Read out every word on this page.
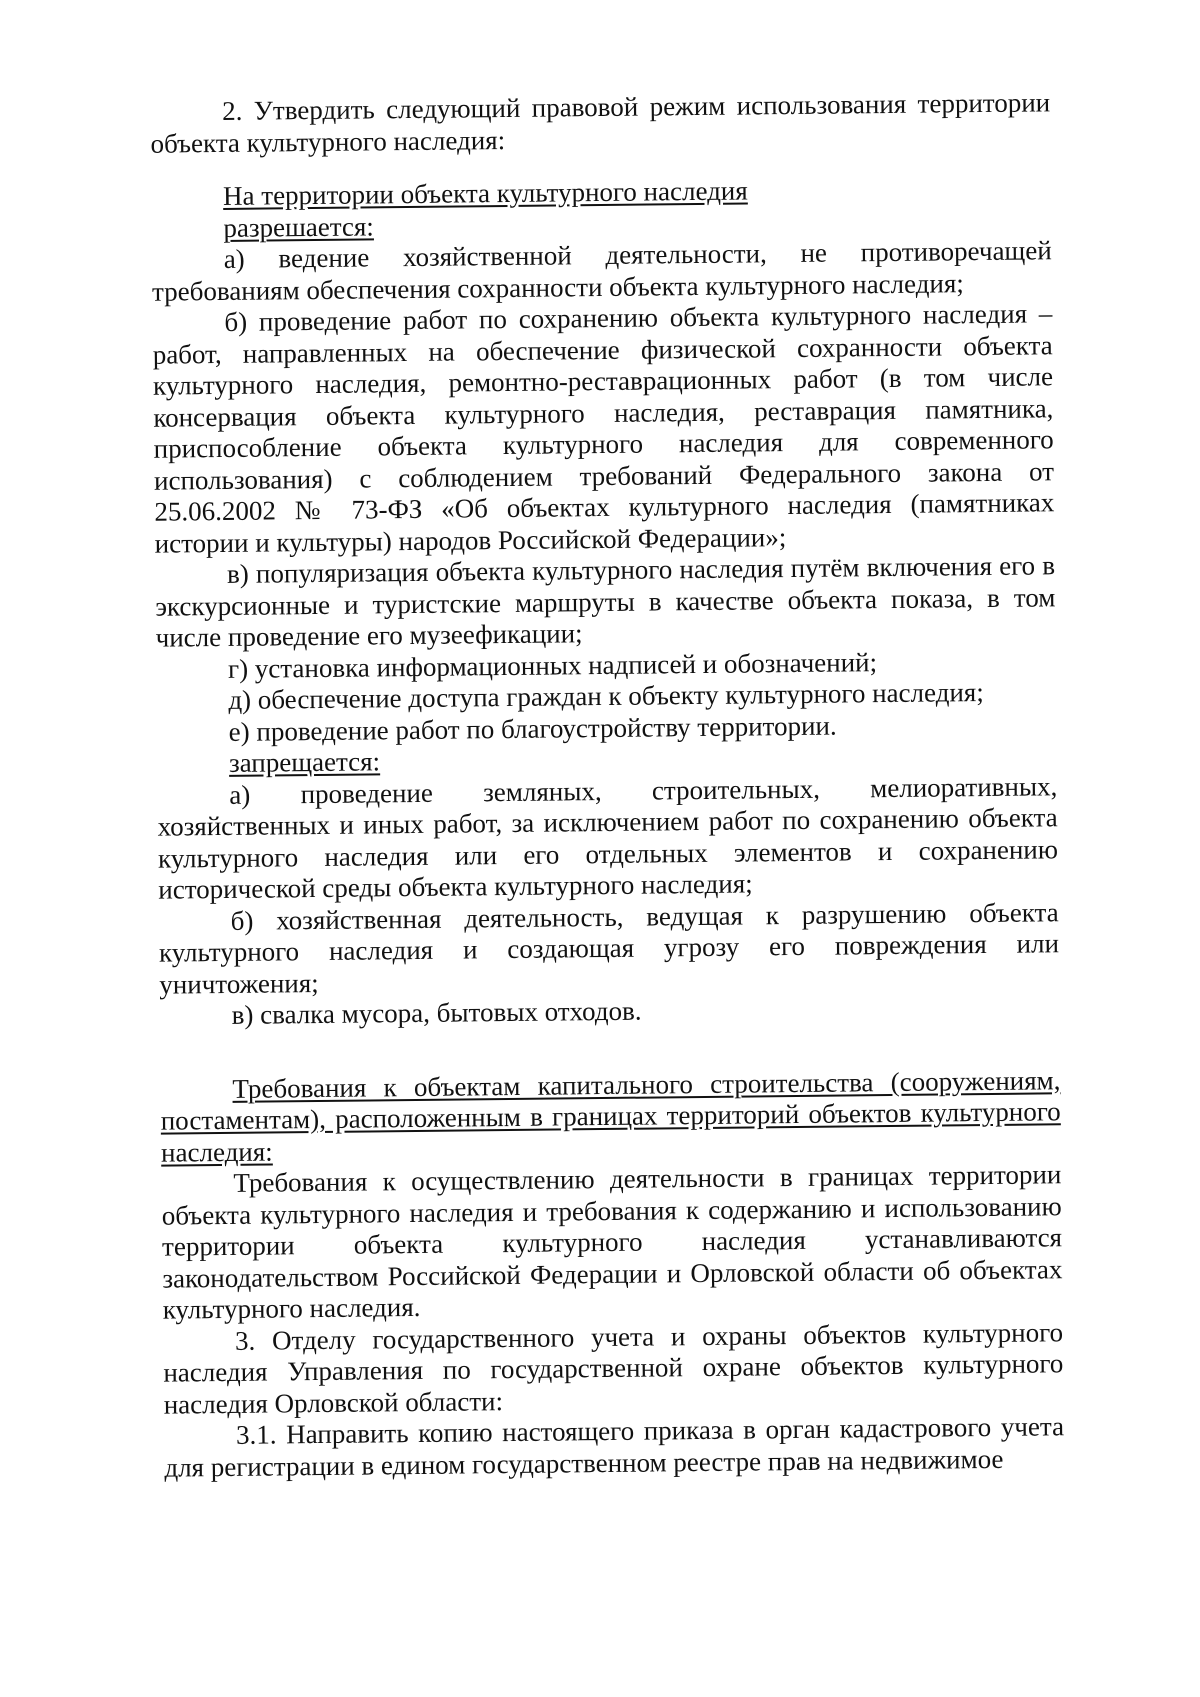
2. Утвердить следующий правовой режим использования территории объекта культурного наследия:

На территории объекта культурного наследия

разрешается:

а) ведение хозяйственной деятельности, не противоречащей требованиям обеспечения сохранности объекта культурного наследия;

б) проведение работ по сохранению объекта культурного наследия – работ, направленных на обеспечение физической сохранности объекта культурного наследия, ремонтно-реставрационных работ (в том числе консервация объекта культурного наследия, реставрация памятника, приспособление объекта культурного наследия для современного использования) с соблюдением требований Федерального закона от 25.06.2002 № 73-ФЗ «Об объектах культурного наследия (памятниках истории и культуры) народов Российской Федерации»;

в) популяризация объекта культурного наследия путём включения его в экскурсионные и туристские маршруты в качестве объекта показа, в том числе проведение его музеефикации;

г) установка информационных надписей и обозначений;

д) обеспечение доступа граждан к объекту культурного наследия;

е) проведение работ по благоустройству территории.

запрещается:

а) проведение земляных, строительных, мелиоративных, хозяйственных и иных работ, за исключением работ по сохранению объекта культурного наследия или его отдельных элементов и сохранению исторической среды объекта культурного наследия;

б) хозяйственная деятельность, ведущая к разрушению объекта культурного наследия и создающая угрозу его повреждения или уничтожения;

в) свалка мусора, бытовых отходов.

Требования к объектам капитального строительства (сооружениям, постаментам), расположенным в границах территорий объектов культурного наследия:

Требования к осуществлению деятельности в границах территории объекта культурного наследия и требования к содержанию и использованию территории объекта культурного наследия устанавливаются законодательством Российской Федерации и Орловской области об объектах культурного наследия.

3. Отделу государственного учета и охраны объектов культурного наследия Управления по государственной охране объектов культурного наследия Орловской области:

3.1. Направить копию настоящего приказа в орган кадастрового учета для регистрации в едином государственном реестре прав на недвижимое
